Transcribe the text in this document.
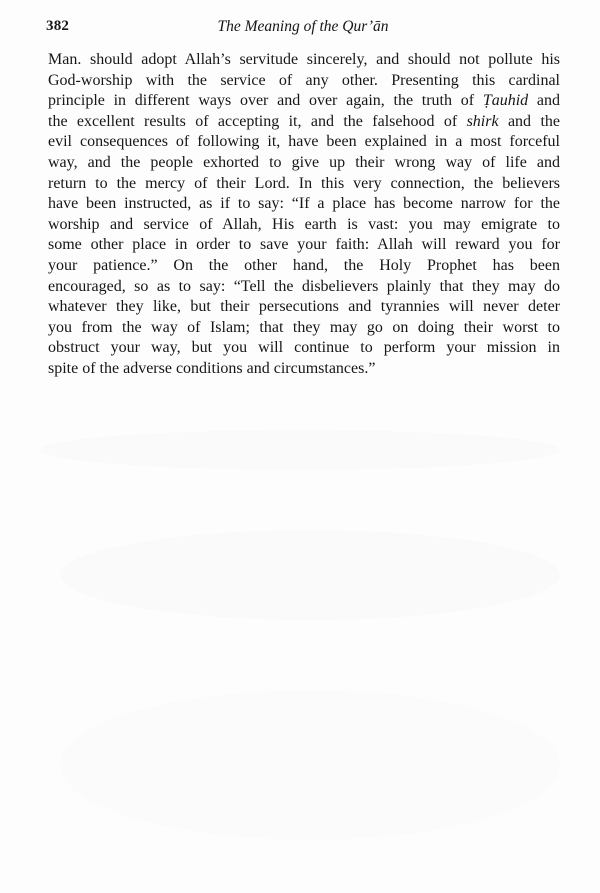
382	The Meaning of the Qur’ān

Man. should adopt Allah’s servitude sincerely, and should not pollute his
God-worship with the service of any other. Presenting this cardinal
principle in different ways over and over again, the truth of Ṭauhid and
the excellent results of accepting it, and the falsehood of shirk and the
evil consequences of following it, have been explained in a most forceful
way, and the people exhorted to give up their wrong way of life and
return to the mercy of their Lord. In this very connection, the believers
have been instructed, as if to say: “If a place has become narrow for the
worship and service of Allah, His earth is vast: you may emigrate to
some other place in order to save your faith: Allah will reward you for
your patience.” On the other hand, the Holy Prophet has been
encouraged, so as to say: “Tell the disbelievers plainly that they may do
whatever they like, but their persecutions and tyrannies will never deter
you from the way of Islam; that they may go on doing their worst to
obstruct your way, but you will continue to perform your mission in
spite of the adverse conditions and circumstances.”
